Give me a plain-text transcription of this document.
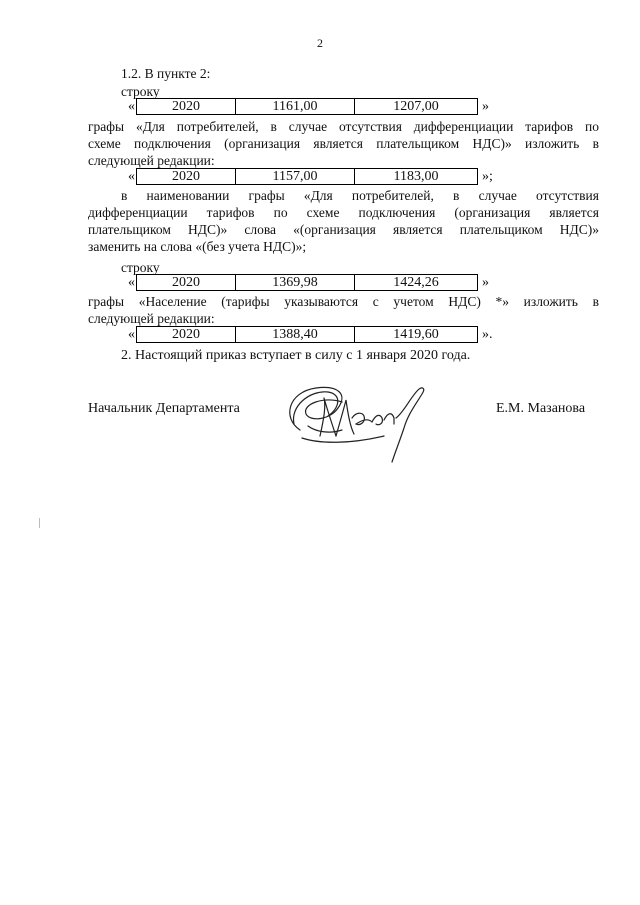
2
1.2. В пункте 2:
строку
«	2020	1161,00	1207,00	»
графы «Для потребителей, в случае отсутствия дифференциации тарифов по
схеме подключения (организация является плательщиком НДС)» изложить в
следующей редакции:
«	2020	1157,00	1183,00	»;
в наименовании графы «Для потребителей, в случае отсутствия
дифференциации тарифов по схеме подключения (организация является
плательщиком НДС)» слова «(организация является плательщиком НДС)»
заменить на слова «(без учета НДС)»;
строку
«	2020	1369,98	1424,26	»
графы «Население (тарифы указываются с учетом НДС) *» изложить в
следующей редакции:
«	2020	1388,40	1419,60	».
2. Настоящий приказ вступает в силу с 1 января 2020 года.
Начальник Департамента	Е.М. Мазанова
